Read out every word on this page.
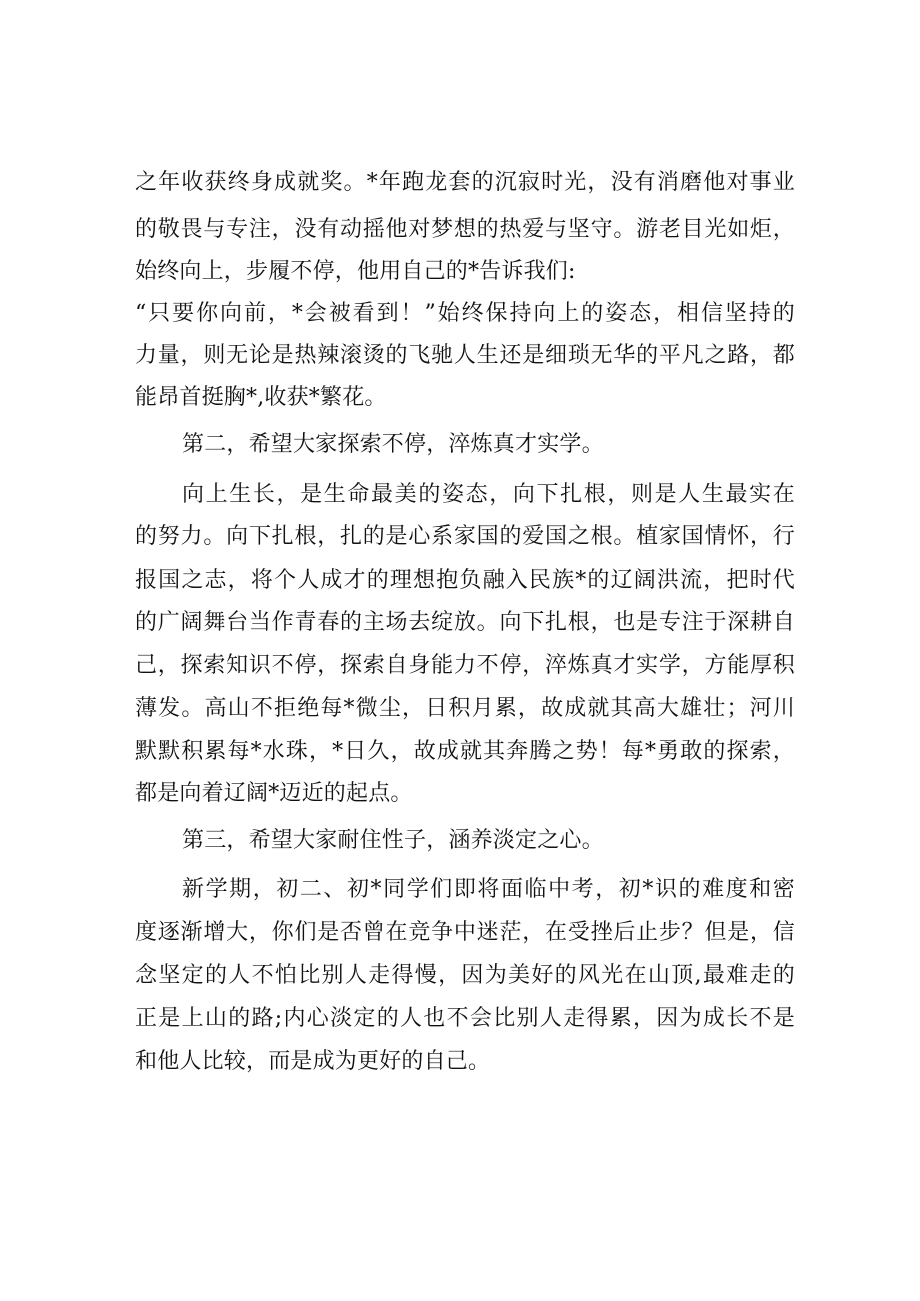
之年收获终身成就奖。*年跑龙套的沉寂时光，没有消磨他对事业
的敬畏与专注，没有动摇他对梦想的热爱与坚守。游老目光如炬，
始终向上，步履不停，他用自己的*告诉我们:
“只要你向前，*会被看到！”始终保持向上的姿态，相信坚持的
力量，则无论是热辣滚烫的飞驰人生还是细琐无华的平凡之路，都
能昂首挺胸*,收获*繁花。
第二，希望大家探索不停，淬炼真才实学。
向上生长，是生命最美的姿态，向下扎根，则是人生最实在
的努力。向下扎根，扎的是心系家国的爱国之根。植家国情怀，行
报国之志，将个人成才的理想抱负融入民族*的辽阔洪流，把时代
的广阔舞台当作青春的主场去绽放。向下扎根，也是专注于深耕自
己，探索知识不停，探索自身能力不停，淬炼真才实学，方能厚积
薄发。高山不拒绝每*微尘，日积月累，故成就其高大雄壮；河川
默默积累每*水珠，*日久，故成就其奔腾之势！每*勇敢的探索，
都是向着辽阔*迈近的起点。
第三，希望大家耐住性子，涵养淡定之心。
新学期，初二、初*同学们即将面临中考，初*识的难度和密
度逐渐增大，你们是否曾在竞争中迷茫，在受挫后止步？但是，信
念坚定的人不怕比别人走得慢，因为美好的风光在山顶,最难走的
正是上山的路;内心淡定的人也不会比别人走得累，因为成长不是
和他人比较，而是成为更好的自己。
